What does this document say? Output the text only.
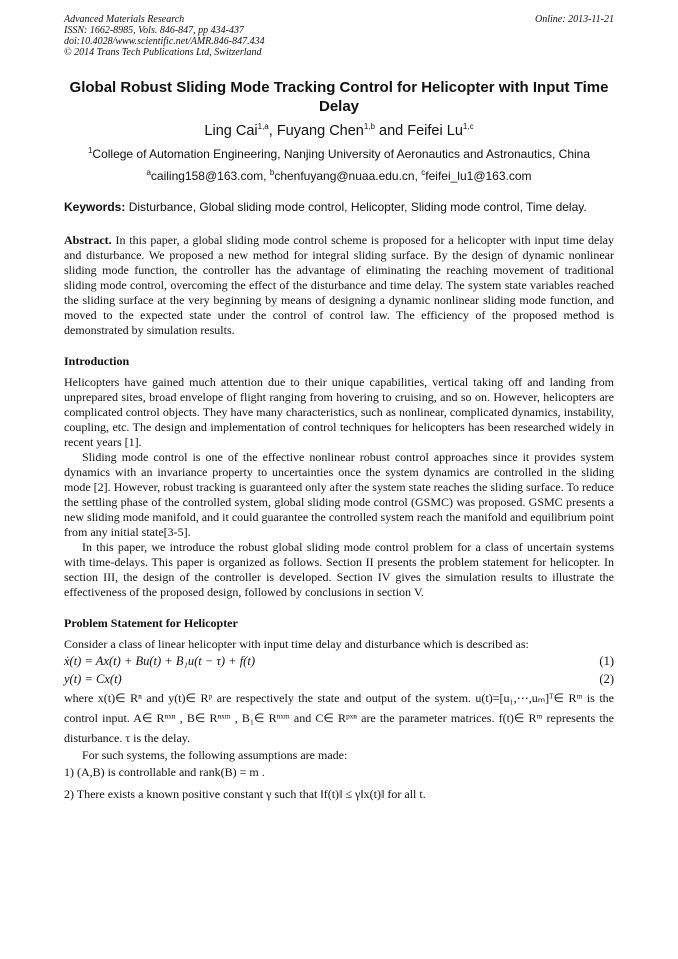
Advanced Materials Research
ISSN: 1662-8985, Vols. 846-847, pp 434-437
doi:10.4028/www.scientific.net/AMR.846-847.434
© 2014 Trans Tech Publications Ltd, Switzerland
Online: 2013-11-21
Global Robust Sliding Mode Tracking Control for Helicopter with Input Time Delay
Ling Cai$^{1,a}$, Fuyang Chen$^{1,b}$ and Feifei Lu$^{1,c}$
$^1$College of Automation Engineering, Nanjing University of Aeronautics and Astronautics, China
$^a$cailing158@163.com, $^b$chenfuyang@nuaa.edu.cn, $^c$feifei_lu1@163.com
Keywords: Disturbance, Global sliding mode control, Helicopter, Sliding mode control, Time delay.

Abstract. In this paper, a global sliding mode control scheme is proposed for a helicopter with input time delay and disturbance. We proposed a new method for integral sliding surface. By the design of dynamic nonlinear sliding mode function, the controller has the advantage of eliminating the reaching movement of traditional sliding mode control, overcoming the effect of the disturbance and time delay. The system state variables reached the sliding surface at the very beginning by means of designing a dynamic nonlinear sliding mode function, and moved to the expected state under the control of control law. The efficiency of the proposed method is demonstrated by simulation results.

Introduction

Helicopters have gained much attention due to their unique capabilities, vertical taking off and landing from unprepared sites, broad envelope of flight ranging from hovering to cruising, and so on. However, helicopters are complicated control objects. They have many characteristics, such as nonlinear, complicated dynamics, instability, coupling, etc. The design and implementation of control techniques for helicopters has been researched widely in recent years [1].

Sliding mode control is one of the effective nonlinear robust control approaches since it provides system dynamics with an invariance property to uncertainties once the system dynamics are controlled in the sliding mode [2]. However, robust tracking is guaranteed only after the system state reaches the sliding surface. To reduce the settling phase of the controlled system, global sliding mode control (GSMC) was proposed. GSMC presents a new sliding mode manifold, and it could guarantee the controlled system reach the manifold and equilibrium point from any initial state[3-5].

In this paper, we introduce the robust global sliding mode control problem for a class of uncertain systems with time-delays. This paper is organized as follows. Section II presents the problem statement for helicopter. In section III, the design of the controller is developed. Section IV gives the simulation results to illustrate the effectiveness of the proposed design, followed by conclusions in section V.

Problem Statement for Helicopter

Consider a class of linear helicopter with input time delay and disturbance which is described as:

ẋ(t) = Ax(t) + Bu(t) + B₁u(t − τ) + f(t)	(1)
y(t) = Cx(t)	(2)

where x(t)∈ Rⁿ and y(t)∈ Rᵖ are respectively the state and output of the system. u(t)=[u₁,⋯,uₘ]ᵀ∈ Rᵐ is the control input. A∈ Rⁿˣⁿ , B∈ Rⁿˣᵐ , B₁∈ Rⁿˣᵐ and C∈ Rᵖˣⁿ are the parameter matrices. f(t)∈ Rᵐ represents the disturbance. τ is the delay.

For such systems, the following assumptions are made:

1) (A,B) is controllable and rank(B) = m .
2) There exists a known positive constant γ such that ‖f(t)‖ ≤ γ‖x(t)‖ for all t.
